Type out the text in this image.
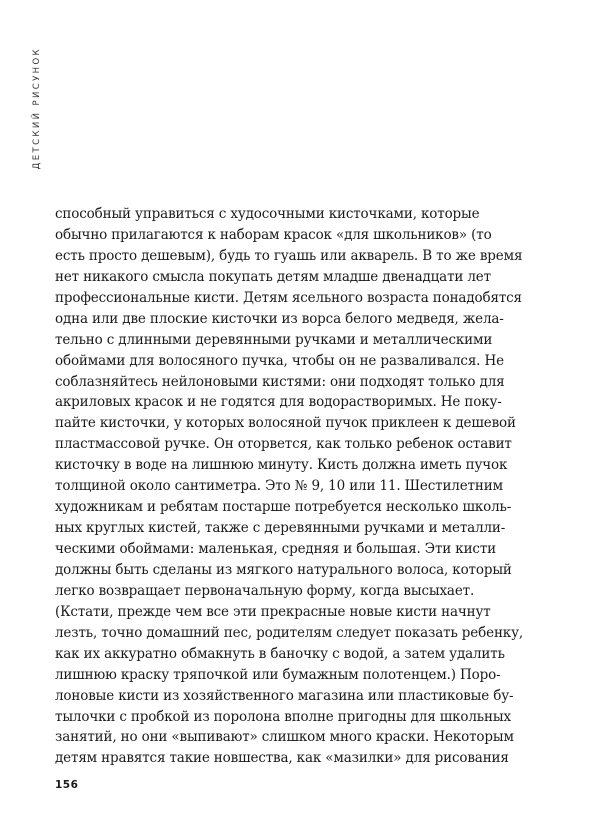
ДЕТСКИЙ РИСУНОК
способный управиться с худосочными кисточками, которые
обычно прилагаются к наборам красок «для школьников» (то
есть просто дешевым), будь то гуашь или акварель. В то же время
нет никакого смысла покупать детям младше двенадцати лет
профессиональные кисти. Детям ясельного возраста понадобятся
одна или две плоские кисточки из ворса белого медведя, жела-
тельно с длинными деревянными ручками и металлическими
обоймами для волосяного пучка, чтобы он не разваливался. Не
соблазняйтесь нейлоновыми кистями: они подходят только для
акриловых красок и не годятся для водорастворимых. Не поку-
пайте кисточки, у которых волосяной пучок приклеен к дешевой
пластмассовой ручке. Он оторвется, как только ребенок оставит
кисточку в воде на лишнюю минуту. Кисть должна иметь пучок
толщиной около сантиметра. Это № 9, 10 или 11. Шестилетним
художникам и ребятам постарше потребуется несколько школь-
ных круглых кистей, также с деревянными ручками и металли-
ческими обоймами: маленькая, средняя и большая. Эти кисти
должны быть сделаны из мягкого натурального волоса, который
легко возвращает первоначальную форму, когда высыхает.
(Кстати, прежде чем все эти прекрасные новые кисти начнут
лезть, точно домашний пес, родителям следует показать ребенку,
как их аккуратно обмакнуть в баночку с водой, а затем удалить
лишнюю краску тряпочкой или бумажным полотенцем.) Поро-
лоновые кисти из хозяйственного магазина или пластиковые бу-
тылочки с пробкой из поролона вполне пригодны для школьных
занятий, но они «выпивают» слишком много краски. Некоторым
детям нравятся такие новшества, как «мазилки» для рисования
156
